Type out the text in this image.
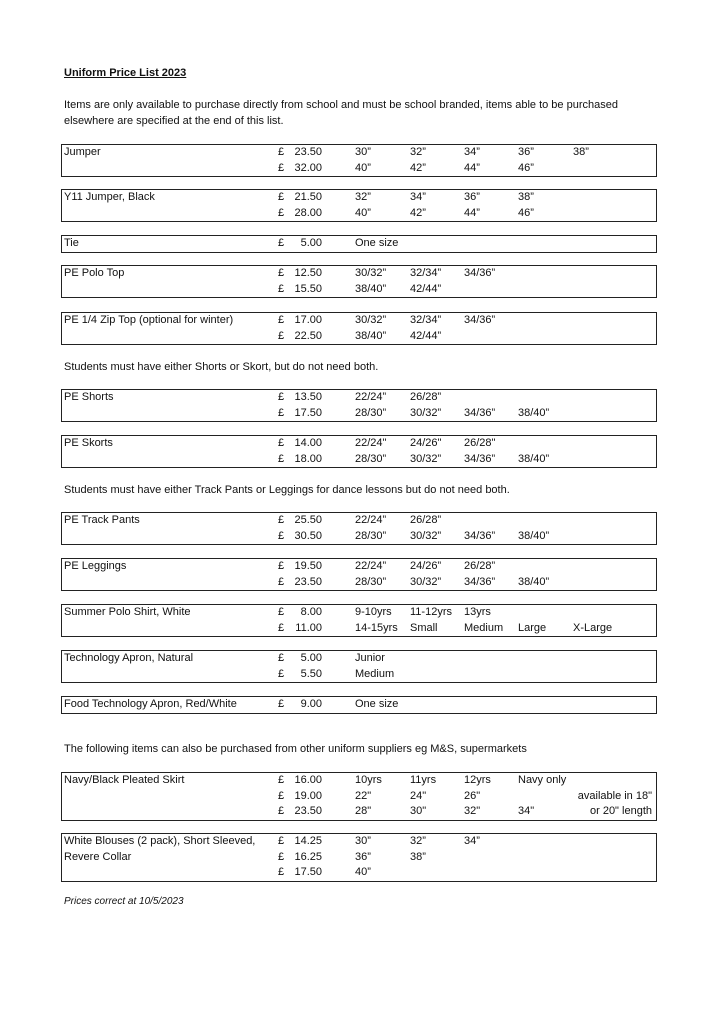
Uniform Price List 2023
Items are only available to purchase directly from school and must be school branded, items able to be purchased elsewhere are specified at the end of this list.
Students must have either Shorts or Skort, but do not need both.
Students must have either Track Pants or Leggings for dance lessons but do not need both.
The following items can also be purchased from other uniform suppliers eg M&S, supermarkets
Prices correct at 10/5/2023
Jumper	£ 23.50	30”	32”	34”	36”	38”
£ 32.00	40”	42”	44”	46”
Y11 Jumper, Black	£ 21.50	32”	34”	36”	38”
£ 28.00	40”	42”	44”	46”
Tie	£	5.00	One size
PE Polo Top	£ 12.50	30/32” 32/34” 34/36”
£ 15.50	38/40” 42/44”
PE 1/4 Zip Top (optional for winter)	£ 17.00	30/32” 32/34” 34/36”
£ 22.50	38/40” 42/44”
PE Shorts	£ 13.50	22/24” 26/28”
£ 17.50	28/30” 30/32” 34/36” 38/40”
PE Skorts	£ 14.00	22/24" 24/26" 26/28"
£ 18.00	28/30” 30/32” 34/36” 38/40”
PE Track Pants	£ 25.50	22/24” 26/28”
£ 30.50	28/30” 30/32” 34/36” 38/40”
PE Leggings	£ 19.50	22/24” 24/26” 26/28”
£ 23.50	28/30” 30/32” 34/36” 38/40”
Summer Polo Shirt, White	£	8.00	9-10yrs 11-12yrs 13yrs
£	11.00	14-15yrs Small Medium Large X-Large
Technology Apron, Natural	£	5.00	Junior
£	5.50	Medium
Food Technology Apron, Red/White	£	9.00	One size
Navy/Black Pleated Skirt	£ 16.00	10yrs	11yrs	12yrs Navy only
£ 19.00	22"	24"	26"	available in 18"
£ 23.50	28"	30"	32"	34"	or 20" length
White Blouses (2 pack), Short Sleeved, £ 14.25	30”	32”	34”
Revere Collar	£ 16.25	36”	38”
£ 17.50	40”
